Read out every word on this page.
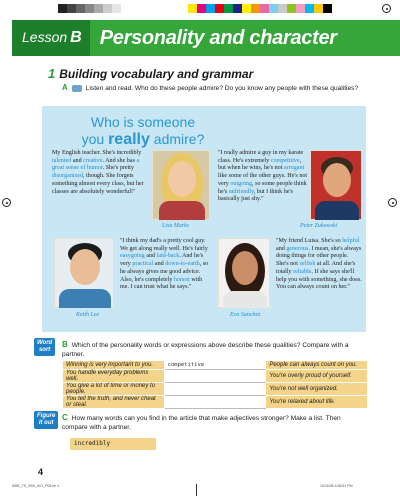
Lesson B Personality and character
1 Building vocabulary and grammar
A	Listen and read. Who do these people admire? Do you know any people with these qualities?
Who is someone
you really admire?
My English teacher. She's incredibly talented and creative. And she has a great sense of humor. She's pretty disorganized, though. She forgets something almost every class, but her classes are absolutely wonderful!"
Lisa Marks
"I really admire a guy in my karate class. He's extremely competitive, but when he wins, he's not arrogant like some of the other guys. He's not very outgoing, so some people think he's unfriendly, but I think he's basically just shy."
Peter Zukowski
Keith Lee
"I think my dad's a pretty cool guy. We get along really well. He's fairly easygoing and laid-back. And he's very practical and down-to-earth, so he always gives me good advice. Also, he's completely honest with me. I can trust what he says."
Eva Sanchez
"My friend Luisa. She's so helpful and generous. I mean, she's always doing things for other people. She's not selfish at all. And she's totally reliable. If she says she'll help you with something, she does. You can always count on her."
Word
sort
B Which of the personality words or expressions above describe these qualities? Compare with a partner.
Winning is very important to you.	competitive	People can always count on you.
You handle everyday problems well.		You're overly proud of yourself.
You give a lot of time or money to people.		You're not well organized.
You tell the truth, and never cheat or steal.		You're relaxed about life.
Figure
it out
C How many words can you find in the article that make adjectives stronger? Make a list. Then compare with a partner.
incredibly
4
8881_TS_SB3_U01_P08.fm 4	10/16/08 4:58:51 PM
